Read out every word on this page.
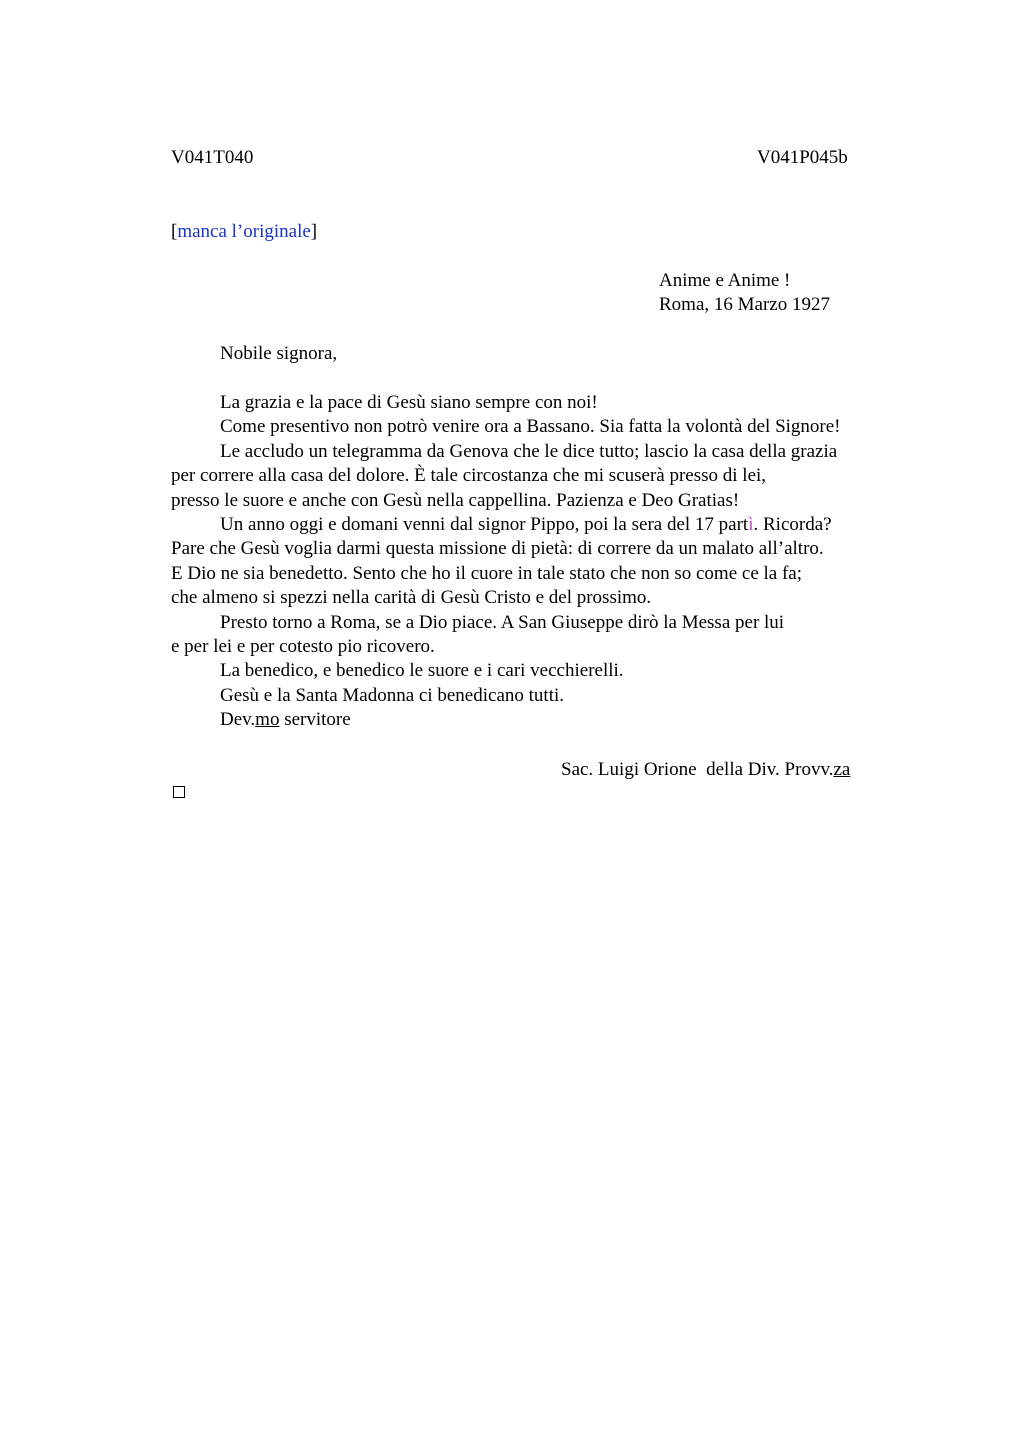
V041T040	V041P045b
[manca l’originale]
Anime e Anime !
Roma, 16 Marzo 1927
Nobile signora,
La grazia e la pace di Gesù siano sempre con noi!
Come presentivo non potrò venire ora a Bassano. Sia fatta la volontà del Signore!
Le accludo un telegramma da Genova che le dice tutto; lascio la casa della grazia
per correre alla casa del dolore. È tale circostanza che mi scuserà presso di lei,
presso le suore e anche con Gesù nella cappellina. Pazienza e Deo Gratias!
Un anno oggi e domani venni dal signor Pippo, poi la sera del 17 partì. Ricorda?
Pare che Gesù voglia darmi questa missione di pietà: di correre da un malato all’altro.
E Dio ne sia benedetto. Sento che ho il cuore in tale stato che non so come ce la fa;
che almeno si spezzi nella carità di Gesù Cristo e del prossimo.
Presto torno a Roma, se a Dio piace. A San Giuseppe dirò la Messa per lui
e per lei e per cotesto pio ricovero.
La benedico, e benedico le suore e i cari vecchierelli.
Gesù e la Santa Madonna ci benedicano tutti.
Dev.mo servitore
Sac. Luigi Orione  della Div. Provv.za
